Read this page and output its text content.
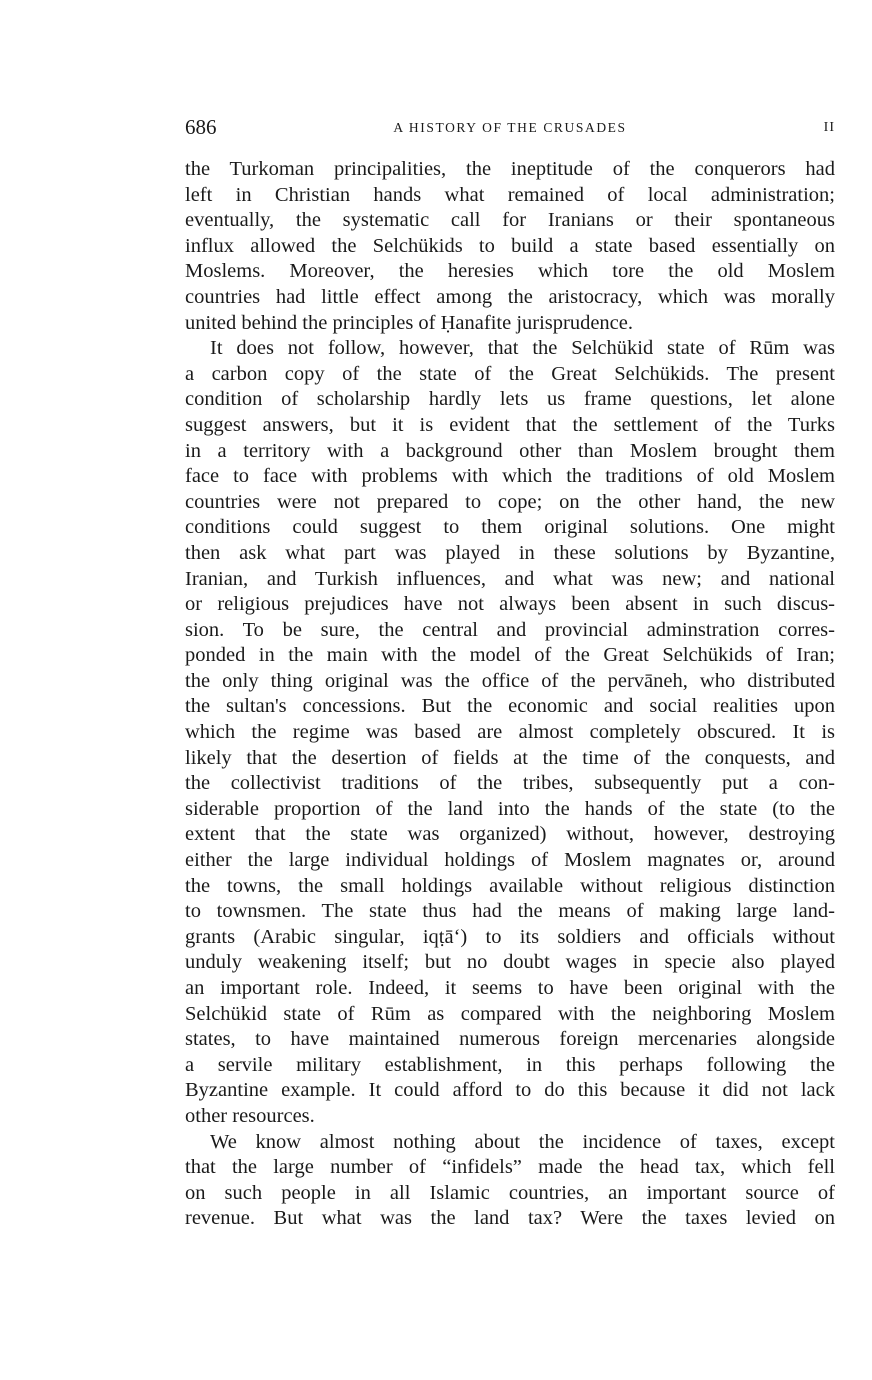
686	A HISTORY OF THE CRUSADES	II
the Turkoman principalities, the ineptitude of the conquerors had
left in Christian hands what remained of local administration;
eventually, the systematic call for Iranians or their spontaneous
influx allowed the Selchükids to build a state based essentially on
Moslems. Moreover, the heresies which tore the old Moslem
countries had little effect among the aristocracy, which was morally
united behind the principles of Ḥanafite jurisprudence.
It does not follow, however, that the Selchükid state of Rūm was
a carbon copy of the state of the Great Selchükids. The present
condition of scholarship hardly lets us frame questions, let alone
suggest answers, but it is evident that the settlement of the Turks
in a territory with a background other than Moslem brought them
face to face with problems with which the traditions of old Moslem
countries were not prepared to cope; on the other hand, the new
conditions could suggest to them original solutions. One might
then ask what part was played in these solutions by Byzantine,
Iranian, and Turkish influences, and what was new; and national
or religious prejudices have not always been absent in such discus-
sion. To be sure, the central and provincial adminstration corres-
ponded in the main with the model of the Great Selchükids of Iran;
the only thing original was the office of the pervāneh, who distributed
the sultan's concessions. But the economic and social realities upon
which the regime was based are almost completely obscured. It is
likely that the desertion of fields at the time of the conquests, and
the collectivist traditions of the tribes, subsequently put a con-
siderable proportion of the land into the hands of the state (to the
extent that the state was organized) without, however, destroying
either the large individual holdings of Moslem magnates or, around
the towns, the small holdings available without religious distinction
to townsmen. The state thus had the means of making large land-
grants (Arabic singular, iqṭā‘) to its soldiers and officials without
unduly weakening itself; but no doubt wages in specie also played
an important role. Indeed, it seems to have been original with the
Selchükid state of Rūm as compared with the neighboring Moslem
states, to have maintained numerous foreign mercenaries alongside
a servile military establishment, in this perhaps following the
Byzantine example. It could afford to do this because it did not lack
other resources.
We know almost nothing about the incidence of taxes, except
that the large number of “infidels” made the head tax, which fell
on such people in all Islamic countries, an important source of
revenue. But what was the land tax? Were the taxes levied on
